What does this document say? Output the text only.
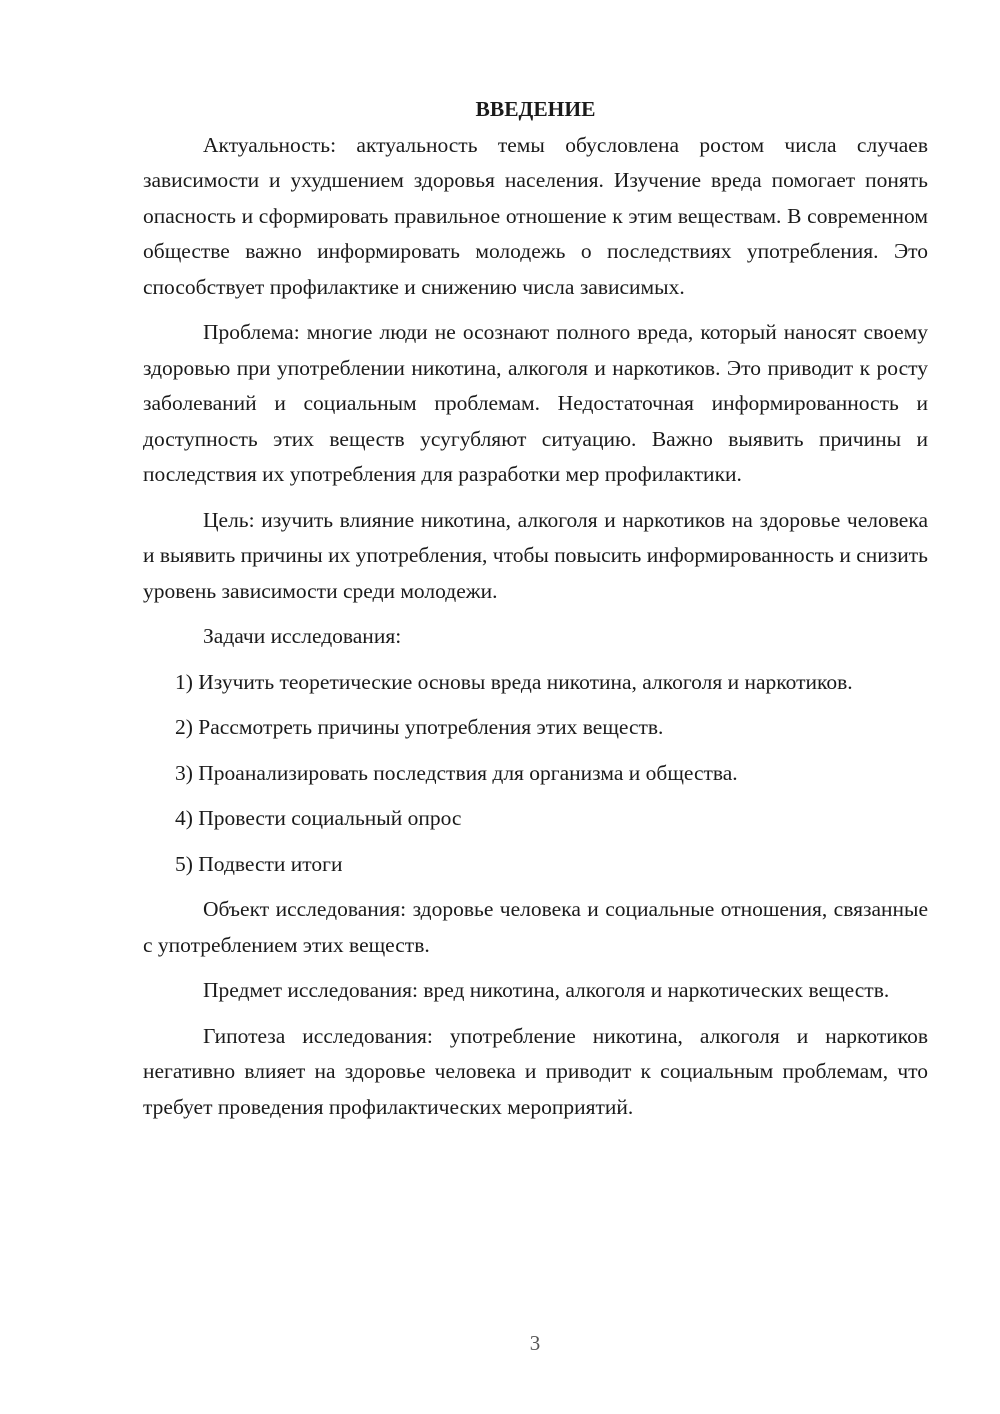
ВВЕДЕНИЕ

Актуальность: актуальность темы обусловлена ростом числа случаев зависимости и ухудшением здоровья населения. Изучение вреда помогает понять опасность и сформировать правильное отношение к этим веществам. В современном обществе важно информировать молодежь о последствиях употребления. Это способствует профилактике и снижению числа зависимых.

Проблема: многие люди не осознают полного вреда, который наносят своему здоровью при употреблении никотина, алкоголя и наркотиков. Это приводит к росту заболеваний и социальным проблемам. Недостаточная информированность и доступность этих веществ усугубляют ситуацию. Важно выявить причины и последствия их употребления для разработки мер профилактики.

Цель: изучить влияние никотина, алкоголя и наркотиков на здоровье человека и выявить причины их употребления, чтобы повысить информированность и снизить уровень зависимости среди молодежи.

Задачи исследования:

1) Изучить теоретические основы вреда никотина, алкоголя и наркотиков.

2) Рассмотреть причины употребления этих веществ.

3) Проанализировать последствия для организма и общества.

4) Провести социальный опрос

5) Подвести итоги

Объект исследования: здоровье человека и социальные отношения, связанные с употреблением этих веществ.

Предмет исследования: вред никотина, алкоголя и наркотических веществ.

Гипотеза исследования: употребление никотина, алкоголя и наркотиков негативно влияет на здоровье человека и приводит к социальным проблемам, что требует проведения профилактических мероприятий.

3
